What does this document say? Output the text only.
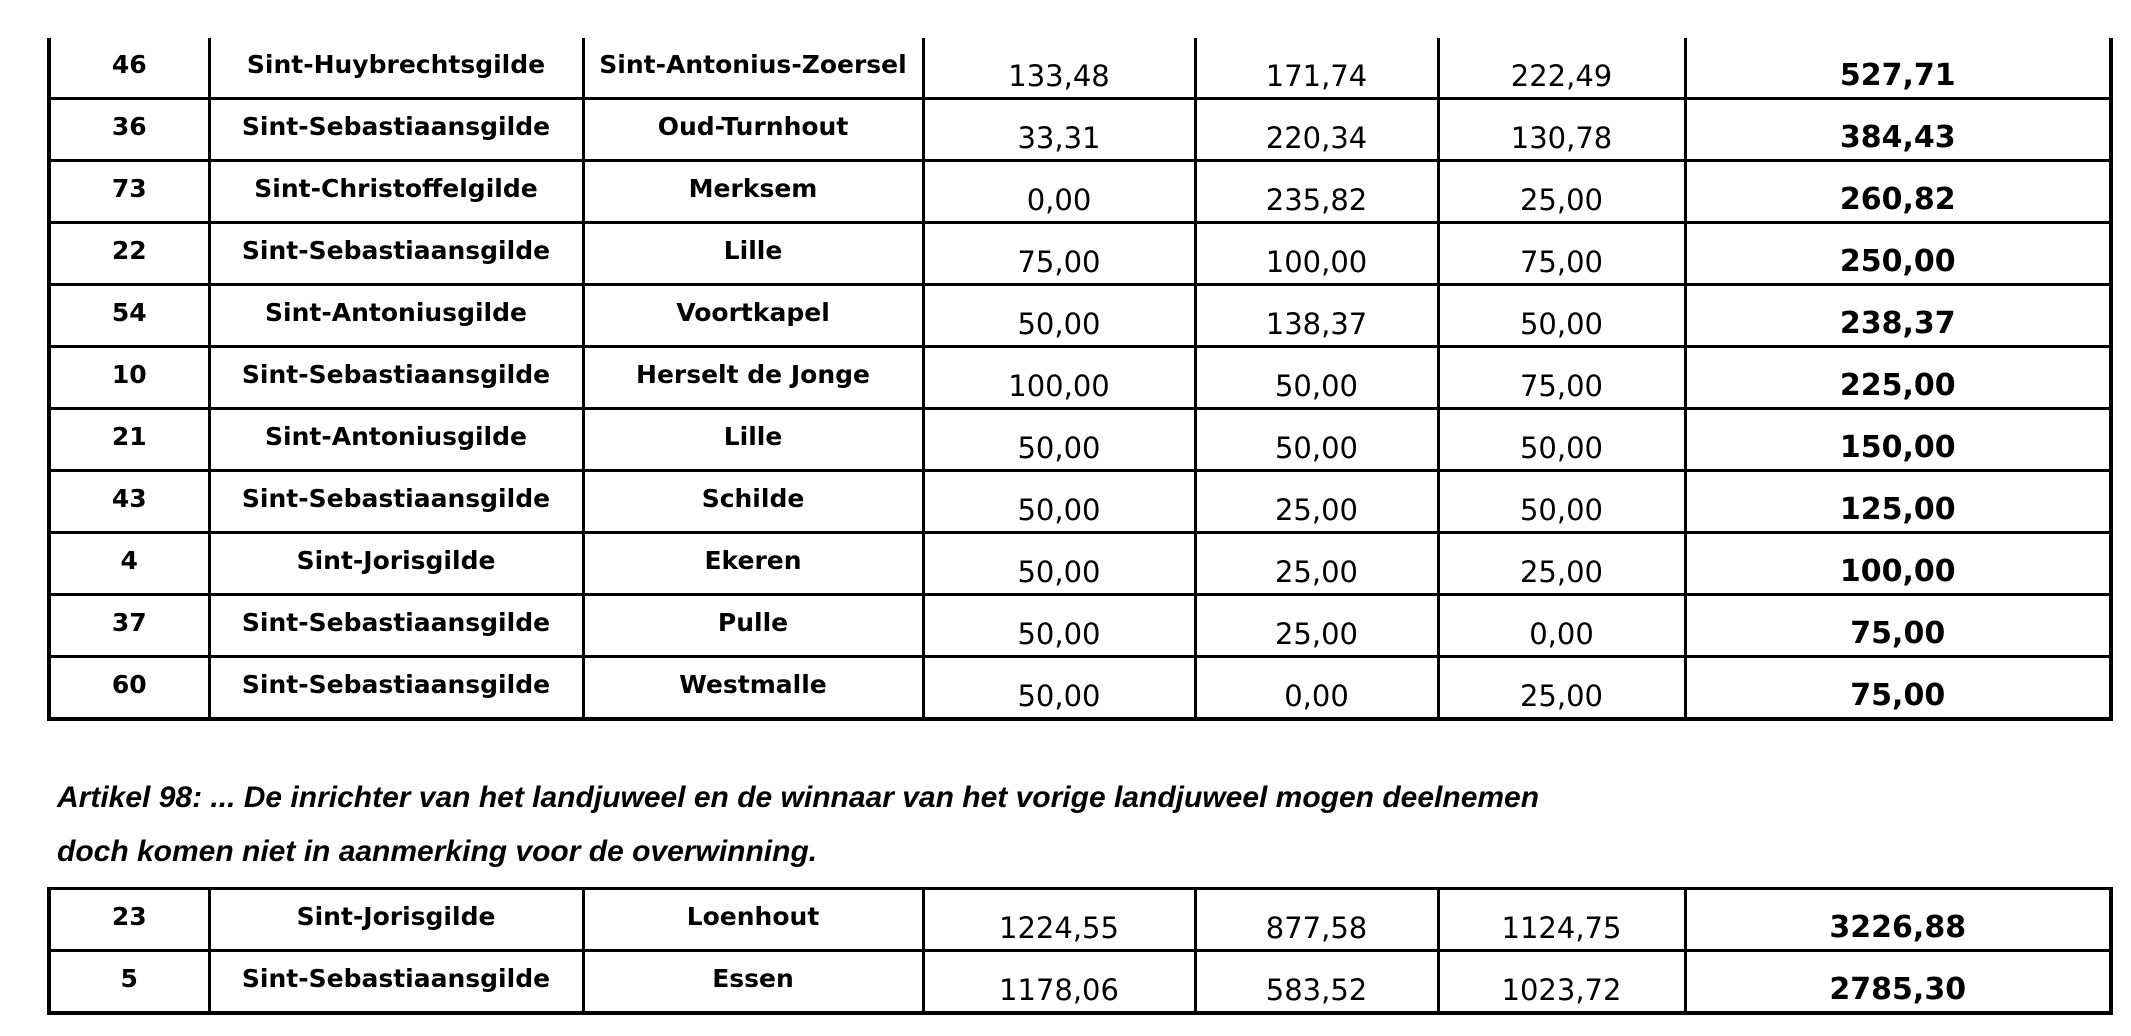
46	Sint-Huybrechtsgilde	Sint-Antonius-Zoersel	133,48	171,74	222,49	527,71
36	Sint-Sebastiaansgilde	Oud-Turnhout	33,31	220,34	130,78	384,43
73	Sint-Christoffelgilde	Merksem	0,00	235,82	25,00	260,82
22	Sint-Sebastiaansgilde	Lille	75,00	100,00	75,00	250,00
54	Sint-Antoniusgilde	Voortkapel	50,00	138,37	50,00	238,37
10	Sint-Sebastiaansgilde	Herselt de Jonge	100,00	50,00	75,00	225,00
21	Sint-Antoniusgilde	Lille	50,00	50,00	50,00	150,00
43	Sint-Sebastiaansgilde	Schilde	50,00	25,00	50,00	125,00
4	Sint-Jorisgilde	Ekeren	50,00	25,00	25,00	100,00
37	Sint-Sebastiaansgilde	Pulle	50,00	25,00	0,00	75,00
60	Sint-Sebastiaansgilde	Westmalle	50,00	0,00	25,00	75,00
Artikel 98: ... De inrichter van het landjuweel en de winnaar van het vorige landjuweel mogen deelnemen
doch komen niet in aanmerking voor de overwinning.
23	Sint-Jorisgilde	Loenhout	1224,55	877,58	1124,75	3226,88
5	Sint-Sebastiaansgilde	Essen	1178,06	583,52	1023,72	2785,30
